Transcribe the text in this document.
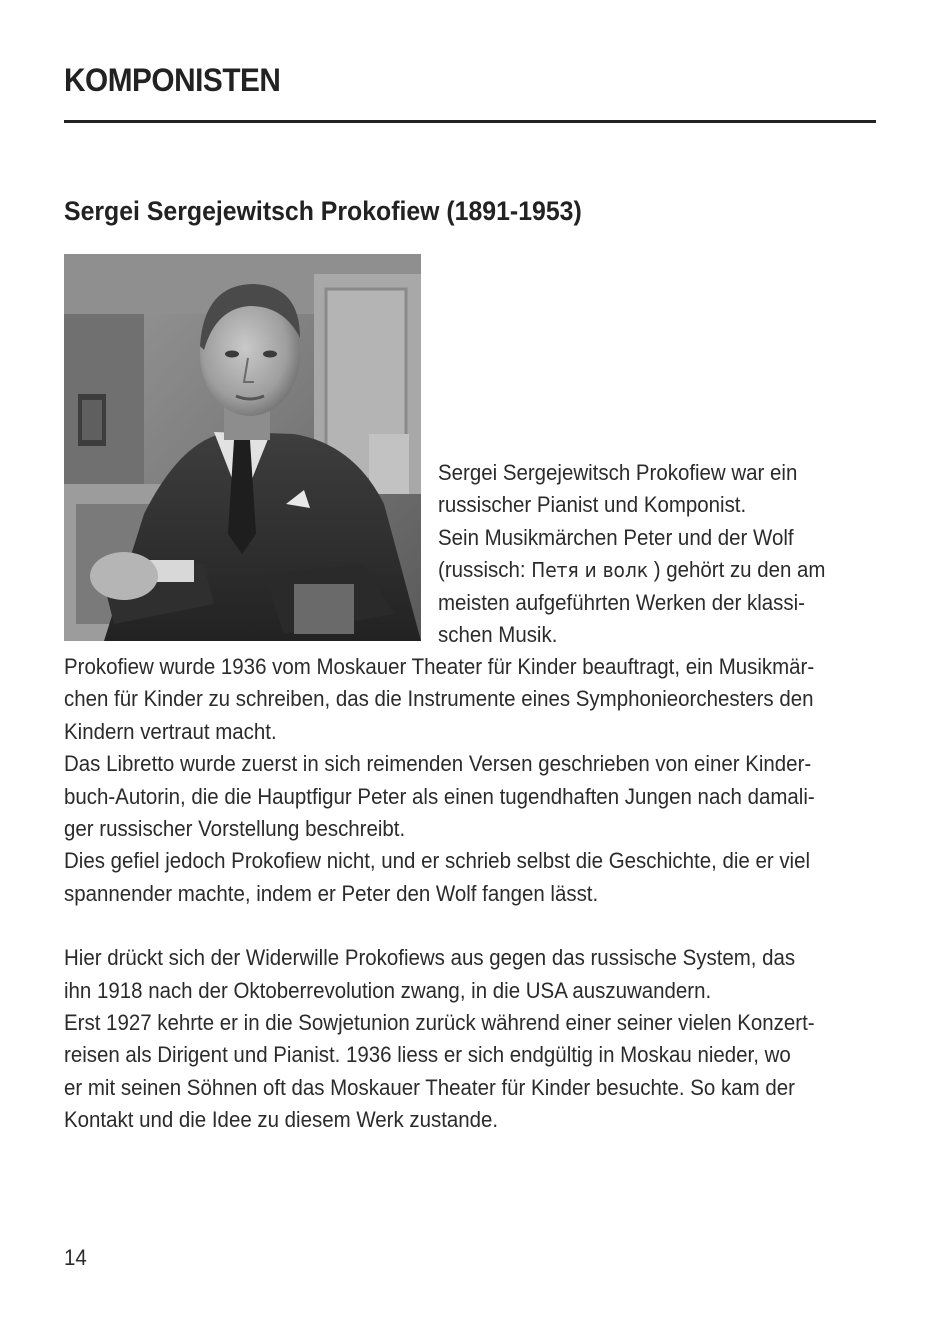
KOMPONISTEN
Sergei Sergejewitsch Prokofiew (1891-1953)

Sergei Sergejewitsch Prokofiew war ein
russischer Pianist und Komponist.
Sein Musikmärchen Peter und der Wolf
(russisch: Петя и волк ) gehört zu den am
meisten aufgeführten Werken der klassi-
schen Musik.

Prokofiew wurde 1936 vom Moskauer Theater für Kinder beauftragt, ein Musikmär-
chen für Kinder zu schreiben, das die Instrumente eines Symphonieorchesters den
Kindern vertraut macht.

Das Libretto wurde zuerst in sich reimenden Versen geschrieben von einer Kinder-
buch-Autorin, die die Hauptfigur Peter als einen tugendhaften Jungen nach damali-
ger russischer Vorstellung beschreibt.

Dies gefiel jedoch Prokofiew nicht, und er schrieb selbst die Geschichte, die er viel
spannender machte, indem er Peter den Wolf fangen lässt.

Hier drückt sich der Widerwille Prokofiews aus gegen das russische System, das
ihn 1918 nach der Oktoberrevolution zwang, in die USA auszuwandern.

Erst 1927 kehrte er in die Sowjetunion zurück während einer seiner vielen Konzert-
reisen als Dirigent und Pianist. 1936 liess er sich endgültig in Moskau nieder, wo
er mit seinen Söhnen oft das Moskauer Theater für Kinder besuchte. So kam der
Kontakt und die Idee zu diesem Werk zustande.

14
